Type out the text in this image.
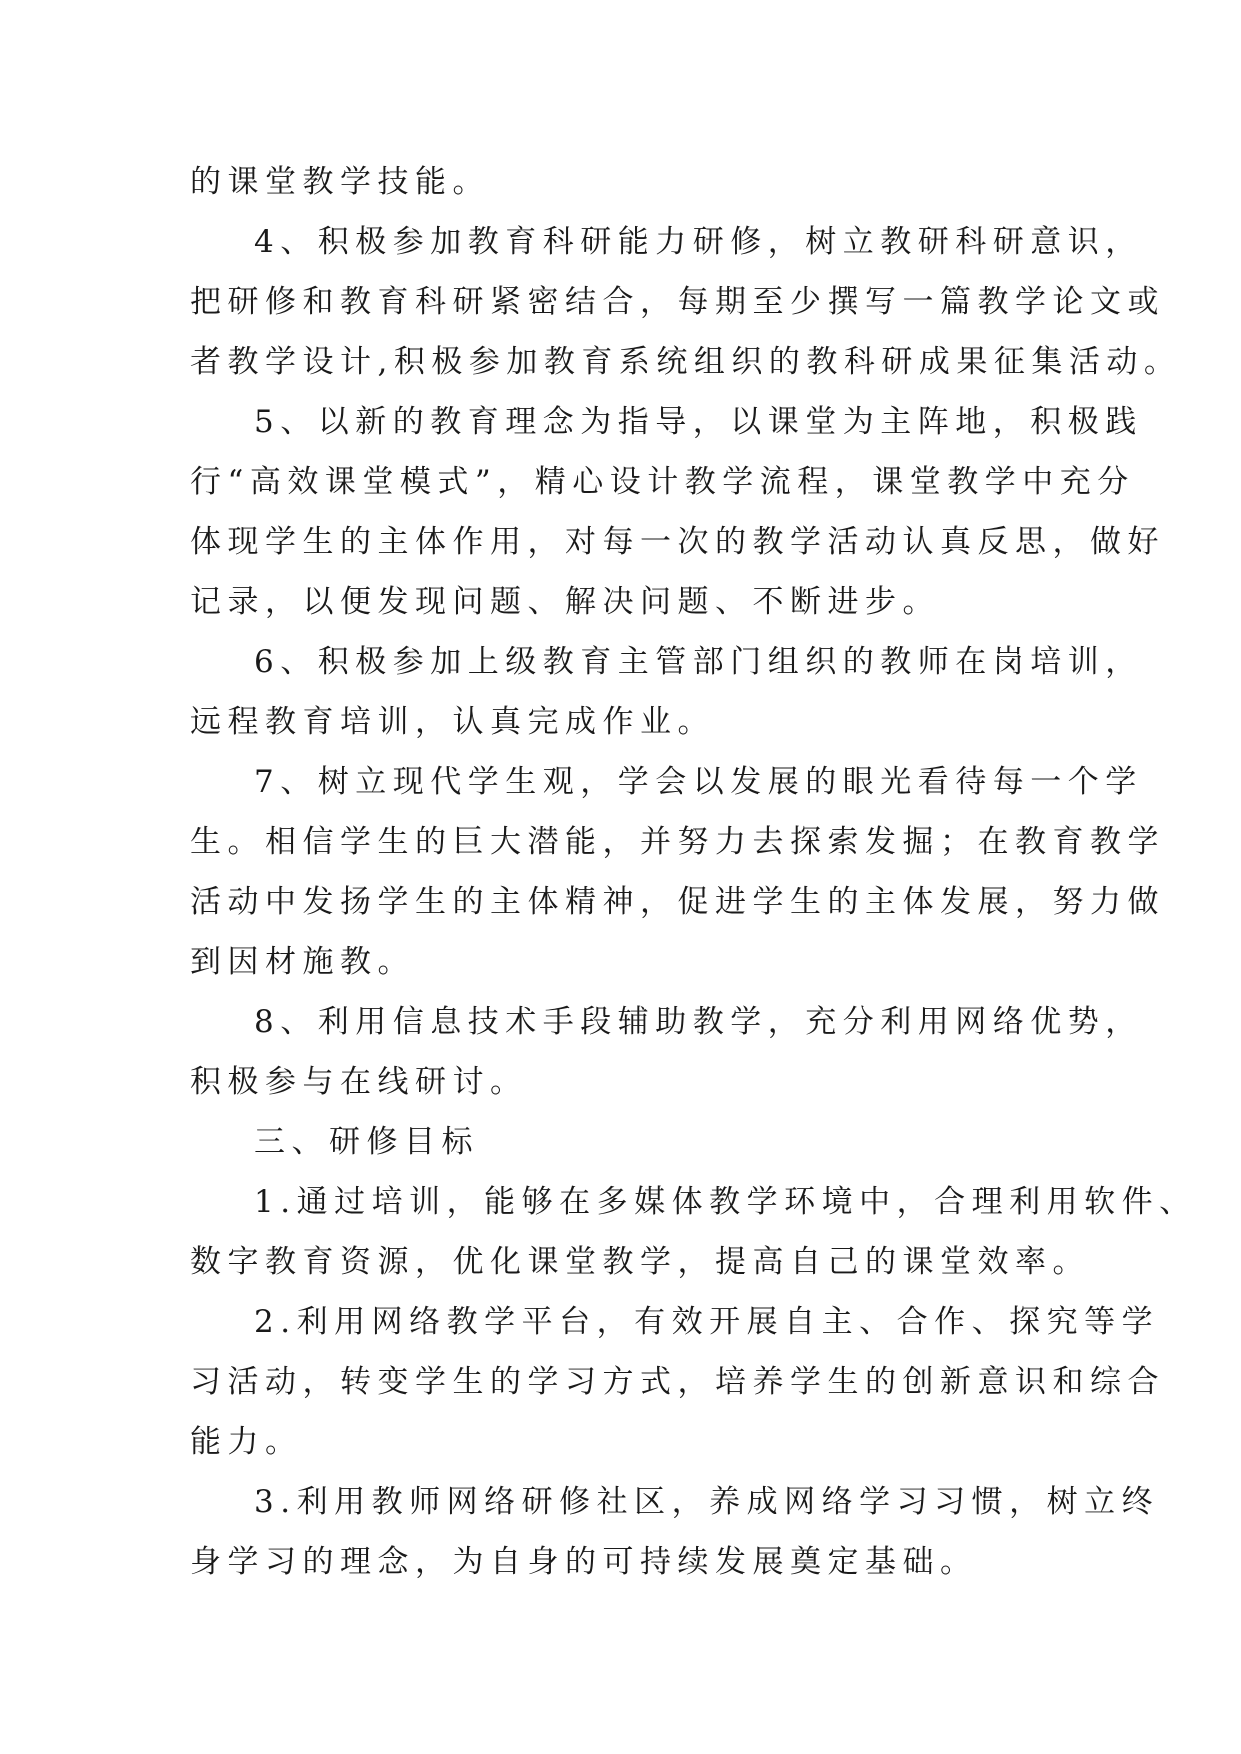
的课堂教学技能。
4、积极参加教育科研能力研修，树立教研科研意识，
把研修和教育科研紧密结合，每期至少撰写一篇教学论文或
者教学设计,积极参加教育系统组织的教科研成果征集活动。
5、以新的教育理念为指导，以课堂为主阵地，积极践
行“高效课堂模式”，精心设计教学流程，课堂教学中充分
体现学生的主体作用，对每一次的教学活动认真反思，做好
记录，以便发现问题、解决问题、不断进步。
6、积极参加上级教育主管部门组织的教师在岗培训，
远程教育培训，认真完成作业。
7、树立现代学生观，学会以发展的眼光看待每一个学
生。相信学生的巨大潜能，并努力去探索发掘；在教育教学
活动中发扬学生的主体精神，促进学生的主体发展，努力做
到因材施教。
8、利用信息技术手段辅助教学，充分利用网络优势，
积极参与在线研讨。
三、研修目标
1.通过培训，能够在多媒体教学环境中，合理利用软件、
数字教育资源，优化课堂教学，提高自己的课堂效率。
2.利用网络教学平台，有效开展自主、合作、探究等学
习活动，转变学生的学习方式，培养学生的创新意识和综合
能力。
3.利用教师网络研修社区，养成网络学习习惯，树立终
身学习的理念，为自身的可持续发展奠定基础。
